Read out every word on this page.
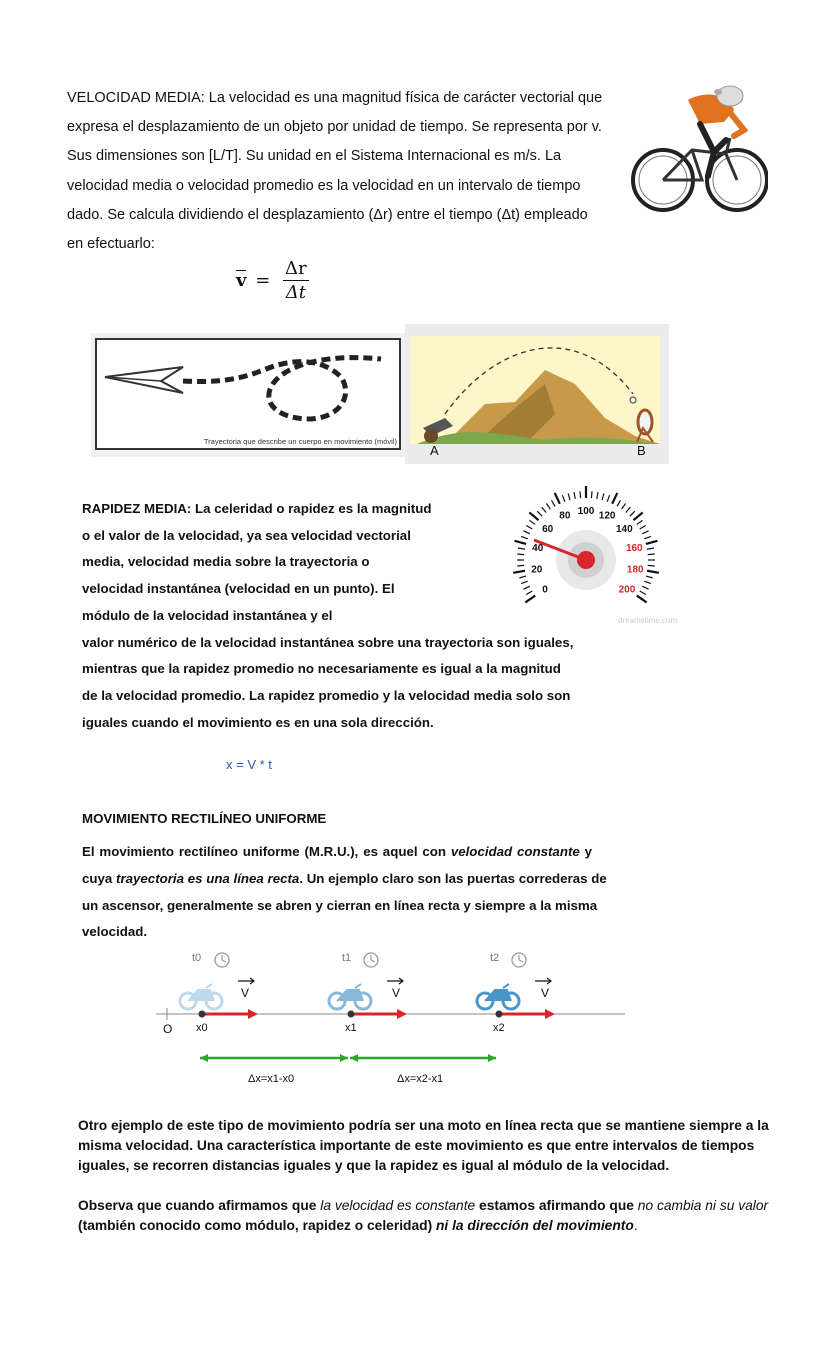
VELOCIDAD MEDIA: La velocidad es una magnitud física de carácter vectorial que
expresa el desplazamiento de un objeto por unidad de tiempo. Se representa por v.
Sus dimensiones son [L/T]. Su unidad en el Sistema Internacional es m/s. La
velocidad media o velocidad promedio es la velocidad en un intervalo de tiempo
dado. Se calcula dividiendo el desplazamiento (Δr) entre el tiempo (Δt) empleado
en efectuarlo:
$v = \frac{\Delta r}{\Delta t}$
Trayectoria que describe un cuerpo en movimiento (móvil)
A	B
0
20
40
60
80 100 120
140
160
180
200
dreamstime.com
RAPIDEZ MEDIA: La celeridad o rapidez es la magnitud
o el valor de la velocidad, ya sea velocidad vectorial
media, velocidad media sobre la trayectoria o
velocidad instantánea (velocidad en un punto). El
módulo de la velocidad instantánea y el
valor numérico de la velocidad instantánea sobre una trayectoria son iguales,
mientras que la rapidez promedio no necesariamente es igual a la magnitud
de la velocidad promedio. La rapidez promedio y la velocidad media solo son
iguales cuando el movimiento es en una sola dirección.
x = V * t
MOVIMIENTO RECTILÍNEO UNIFORME
El movimiento rectilíneo uniforme (M.R.U.), es aquel con velocidad constante y
cuya trayectoria es una línea recta. Un ejemplo claro son las puertas correderas de
un ascensor, generalmente se abren y cierran en línea recta y siempre a la misma
velocidad.
t0	t1	t2
V	V	V
O x0	x1	x2
Δx=x1-x0	Δx=x2-x1
Otro ejemplo de este tipo de movimiento podría ser una moto en línea recta que se mantiene siempre a la
misma velocidad. Una característica importante de este movimiento es que entre intervalos de tiempos
iguales, se recorren distancias iguales y que la rapidez es igual al módulo de la velocidad.
Observa que cuando afirmamos que la velocidad es constante estamos afirmando que no cambia ni su valor
(también conocido como módulo, rapidez o celeridad) ni la dirección del movimiento.
